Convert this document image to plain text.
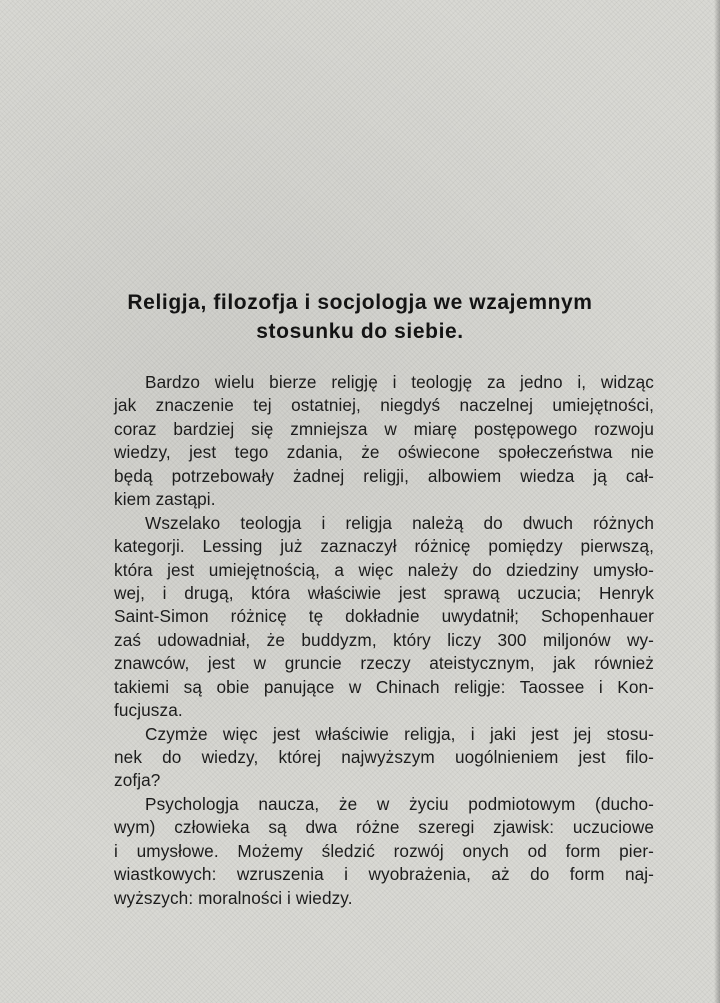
Religja, filozofja i socjologja we wzajemnym
stosunku do siebie.
Bardzo wielu bierze religję i teologję za jedno i, widząc
jak znaczenie tej ostatniej, niegdyś naczelnej umiejętności,
coraz bardziej się zmniejsza w miarę postępowego rozwoju
wiedzy, jest tego zdania, że oświecone społeczeństwa nie
będą potrzebowały żadnej religji, albowiem wiedza ją cał-
kiem zastąpi.
Wszelako teologja i religja należą do dwuch różnych
kategorji. Lessing już zaznaczył różnicę pomiędzy pierwszą,
która jest umiejętnością, a więc należy do dziedziny umysło-
wej, i drugą, która właściwie jest sprawą uczucia; Henryk
Saint-Simon różnicę tę dokładnie uwydatnił; Schopenhauer
zaś udowadniał, że buddyzm, który liczy 300 miljonów wy-
znawców, jest w gruncie rzeczy ateistycznym, jak również
takiemi są obie panujące w Chinach religje: Taossee i Kon-
fucjusza.
Czymże więc jest właściwie religja, i jaki jest jej stosu-
nek do wiedzy, której najwyższym uogólnieniem jest filo-
zofja?
Psychologja naucza, że w życiu podmiotowym (ducho-
wym) człowieka są dwa różne szeregi zjawisk: uczuciowe
i umysłowe. Możemy śledzić rozwój onych od form pier-
wiastkowych: wzruszenia i wyobrażenia, aż do form naj-
wyższych: moralności i wiedzy.
